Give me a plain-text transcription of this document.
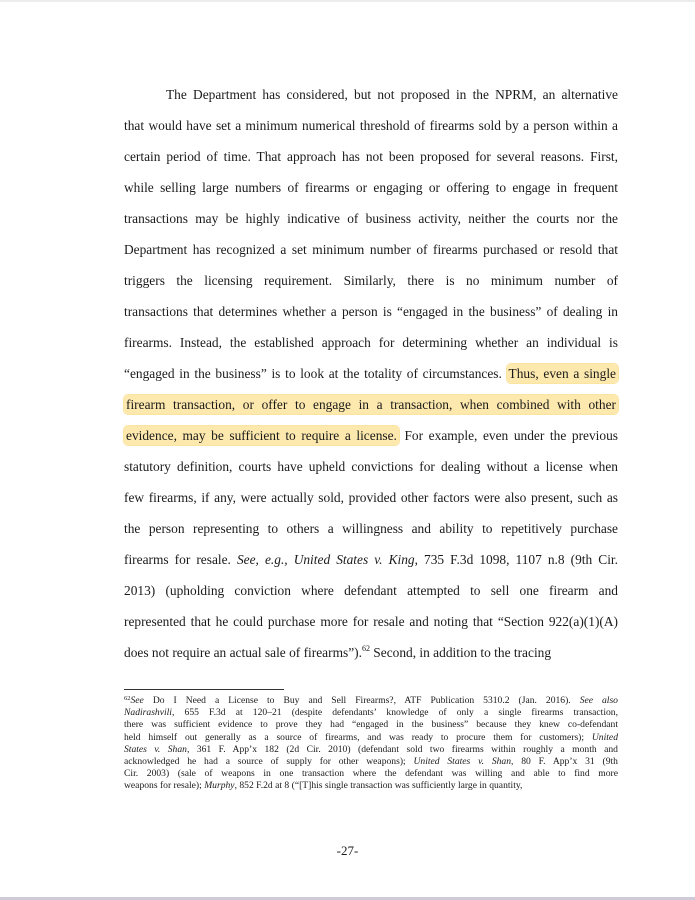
The Department has considered, but not proposed in the NPRM, an alternative
that would have set a minimum numerical threshold of firearms sold by a person within a
certain period of time. That approach has not been proposed for several reasons. First,
while selling large numbers of firearms or engaging or offering to engage in frequent
transactions may be highly indicative of business activity, neither the courts nor the
Department has recognized a set minimum number of firearms purchased or resold that
triggers the licensing requirement. Similarly, there is no minimum number of
transactions that determines whether a person is “engaged in the business” of dealing in
firearms. Instead, the established approach for determining whether an individual is
“engaged in the business” is to look at the totality of circumstances. Thus, even a single
firearm transaction, or offer to engage in a transaction, when combined with other
evidence, may be sufficient to require a license. For example, even under the previous
statutory definition, courts have upheld convictions for dealing without a license when
few firearms, if any, were actually sold, provided other factors were also present, such as
the person representing to others a willingness and ability to repetitively purchase
firearms for resale. See, e.g., United States v. King, 735 F.3d 1098, 1107 n.8 (9th Cir.
2013) (upholding conviction where defendant attempted to sell one firearm and
represented that he could purchase more for resale and noting that “Section 922(a)(1)(A)
does not require an actual sale of firearms”).$^{62}$ Second, in addition to the tracing
$^{62}$See Do I Need a License to Buy and Sell Firearms?, ATF Publication 5310.2 (Jan. 2016). See also
Nadirashvili, 655 F.3d at 120–21 (despite defendants’ knowledge of only a single firearms transaction,
there was sufficient evidence to prove they had “engaged in the business” because they knew co-defendant
held himself out generally as a source of firearms, and was ready to procure them for customers); United
States v. Shan, 361 F. App’x 182 (2d Cir. 2010) (defendant sold two firearms within roughly a month and
acknowledged he had a source of supply for other weapons); United States v. Shan, 80 F. App’x 31 (9th
Cir. 2003) (sale of weapons in one transaction where the defendant was willing and able to find more
weapons for resale); Murphy, 852 F.2d at 8 (“[T]his single transaction was sufficiently large in quantity,
-27-
